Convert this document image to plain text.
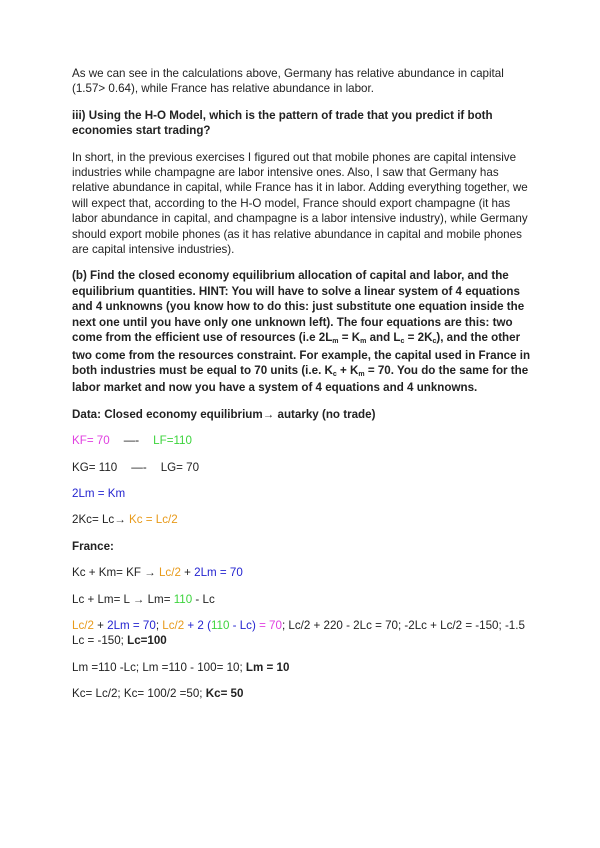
As we can see in the calculations above, Germany has relative abundance in capital (1.57> 0.64), while France has relative abundance in labor.

iii) Using the H-O Model, which is the pattern of trade that you predict if both economies start trading?

In short, in the previous exercises I figured out that mobile phones are capital intensive industries while champagne are labor intensive ones. Also, I saw that Germany has relative abundance in capital, while France has it in labor. Adding everything together, we will expect that, according to the H-O model, France should export champagne (it has labor abundance in capital, and champagne is a labor intensive industry), while Germany should export mobile phones (as it has relative abundance in capital and mobile phones are capital intensive industries).

(b) Find the closed economy equilibrium allocation of capital and labor, and the equilibrium quantities. HINT: You will have to solve a linear system of 4 equations and 4 unknowns (you know how to do this: just substitute one equation inside the next one until you have only one unknown left). The four equations are this: two come from the efficient use of resources (i.e $2L_m = K_m$ and $L_c = 2K_c$), and the other two come from the resources constraint. For example, the capital used in France in both industries must be equal to 70 units (i.e. $K_c + K_m = 70$. You do the same for the labor market and now you have a system of 4 equations and 4 unknowns.

Data: Closed economy equilibrium→ autarky (no trade)

KF= 70 —- LF=110

KG= 110 —- LG= 70

2Lm = Km

2Kc= Lc→ Kc = Lc/2

France:

Kc + Km= KF → Lc/2 + 2Lm = 70

Lc + Lm= L → Lm= 110 - Lc

Lc/2 + 2Lm = 70; Lc/2 + 2 (110 - Lc) = 70; Lc/2 + 220 - 2Lc = 70; -2Lc + Lc/2 = -150; -1.5 Lc = -150; Lc=100

Lm =110 -Lc; Lm =110 - 100= 10; Lm = 10

Kc= Lc/2; Kc= 100/2 =50; Kc= 50
